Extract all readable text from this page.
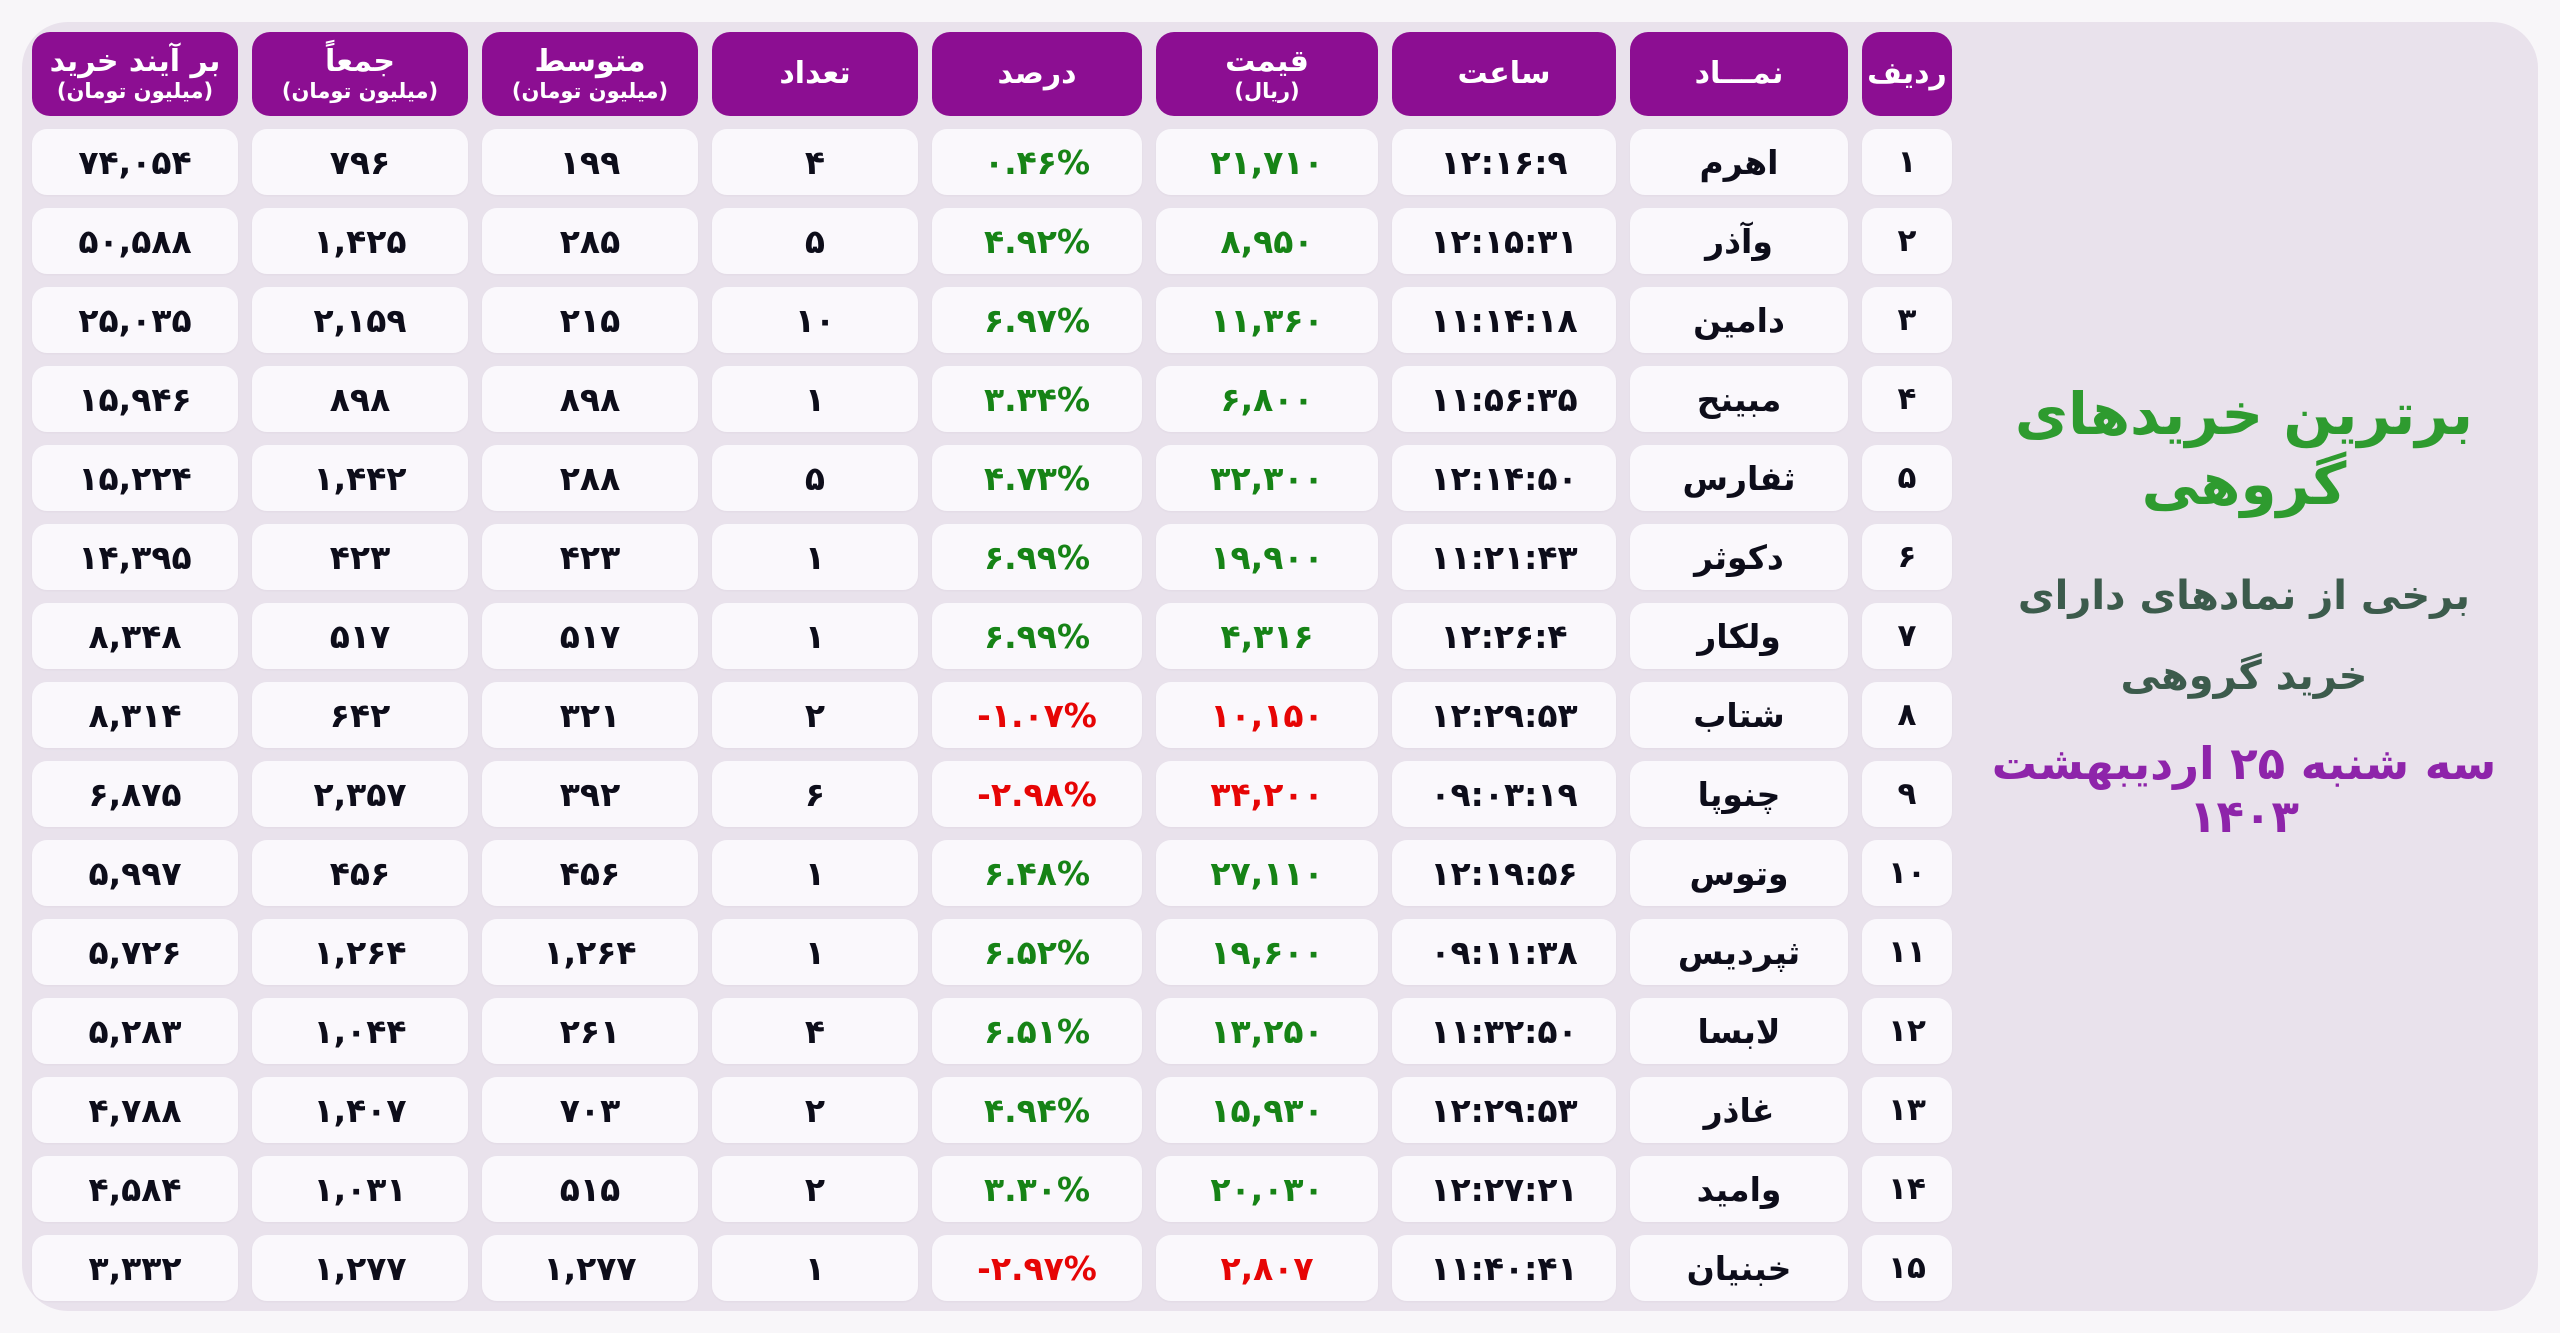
برترین خریدهای گروهی
برخی از نمادهای دارای
خرید گروهی
سه شنبه ۲۵ اردیبهشت ۱۴۰۳
ردیف
نمـــاد
ساعت
قیمت
(ریال)
درصد
تعداد
متوسط
(میلیون تومان)
جمعاً
(میلیون تومان)
بر آیند خرید
(میلیون تومان)
۱
اهرم
۱۲:۱۶:۹
۲۱,۷۱۰
۰.۴۶%
۴
۱۹۹
۷۹۶
۷۴,۰۵۴
۲
وآذر
۱۲:۱۵:۳۱
۸,۹۵۰
۴.۹۲%
۵
۲۸۵
۱,۴۲۵
۵۰,۵۸۸
۳
دامین
۱۱:۱۴:۱۸
۱۱,۳۶۰
۶.۹۷%
۱۰
۲۱۵
۲,۱۵۹
۲۵,۰۳۵
۴
مبینح
۱۱:۵۶:۳۵
۶,۸۰۰
۳.۳۴%
۱
۸۹۸
۸۹۸
۱۵,۹۴۶
۵
ثفارس
۱۲:۱۴:۵۰
۳۲,۳۰۰
۴.۷۳%
۵
۲۸۸
۱,۴۴۲
۱۵,۲۲۴
۶
دکوثر
۱۱:۲۱:۴۳
۱۹,۹۰۰
۶.۹۹%
۱
۴۲۳
۴۲۳
۱۴,۳۹۵
۷
ولکار
۱۲:۲۶:۴
۴,۳۱۶
۶.۹۹%
۱
۵۱۷
۵۱۷
۸,۳۴۸
۸
شتاب
۱۲:۲۹:۵۳
۱۰,۱۵۰
-۱.۰۷%
۲
۳۲۱
۶۴۲
۸,۳۱۴
۹
چنوپا
۰۹:۰۳:۱۹
۳۴,۲۰۰
-۲.۹۸%
۶
۳۹۲
۲,۳۵۷
۶,۸۷۵
۱۰
وتوس
۱۲:۱۹:۵۶
۲۷,۱۱۰
۶.۴۸%
۱
۴۵۶
۴۵۶
۵,۹۹۷
۱۱
ثپردیس
۰۹:۱۱:۳۸
۱۹,۶۰۰
۶.۵۲%
۱
۱,۲۶۴
۱,۲۶۴
۵,۷۲۶
۱۲
لابسا
۱۱:۳۲:۵۰
۱۳,۲۵۰
۶.۵۱%
۴
۲۶۱
۱,۰۴۴
۵,۲۸۳
۱۳
غاذر
۱۲:۲۹:۵۳
۱۵,۹۳۰
۴.۹۴%
۲
۷۰۳
۱,۴۰۷
۴,۷۸۸
۱۴
وامید
۱۲:۲۷:۲۱
۲۰,۰۳۰
۳.۳۰%
۲
۵۱۵
۱,۰۳۱
۴,۵۸۴
۱۵
خبنیان
۱۱:۴۰:۴۱
۲,۸۰۷
-۲.۹۷%
۱
۱,۲۷۷
۱,۲۷۷
۳,۳۳۲
